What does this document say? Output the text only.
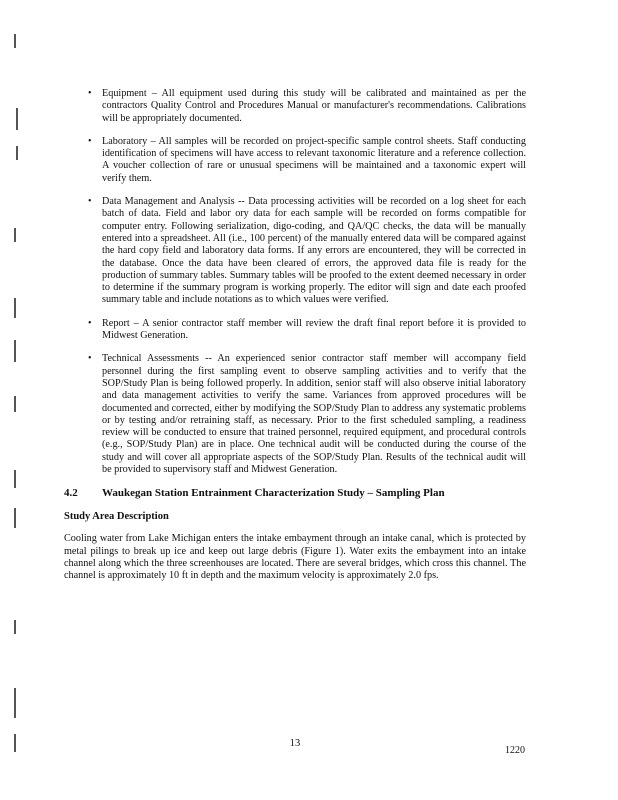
• Equipment – All equipment used during this study will be calibrated and maintained as per the contractors Quality Control and Procedures Manual or manufacturer's recommendations. Calibrations will be appropriately documented.
• Laboratory – All samples will be recorded on project-specific sample control sheets. Staff conducting identification of specimens will have access to relevant taxonomic literature and a reference collection. A voucher collection of rare or unusual specimens will be maintained and a taxonomic expert will verify them.
• Data Management and Analysis -- Data processing activities will be recorded on a log sheet for each batch of data. Field and labor ory data for each sample will be recorded on forms compatible for computer entry. Following serialization, digo-coding, and QA/QC checks, the data will be manually entered into a spreadsheet. All (i.e., 100 percent) of the manually entered data will be compared against the hard copy field and laboratory data forms. If any errors are encountered, they will be corrected in the database. Once the data have been cleared of errors, the approved data file is ready for the production of summary tables. Summary tables will be proofed to the extent deemed necessary in order to determine if the summary program is working properly. The editor will sign and date each proofed summary table and include notations as to which values were verified.
• Report – A senior contractor staff member will review the draft final report before it is provided to Midwest Generation.
• Technical Assessments -- An experienced senior contractor staff member will accompany field personnel during the first sampling event to observe sampling activities and to verify that the SOP/Study Plan is being followed properly. In addition, senior staff will also observe initial laboratory and data management activities to verify the same. Variances from approved procedures will be documented and corrected, either by modifying the SOP/Study Plan to address any systematic problems or by testing and/or retraining staff, as necessary. Prior to the first scheduled sampling, a readiness review will be conducted to ensure that trained personnel, required equipment, and procedural controls (e.g., SOP/Study Plan) are in place. One technical audit will be conducted during the course of the study and will cover all appropriate aspects of the SOP/Study Plan. Results of the technical audit will be provided to supervisory staff and Midwest Generation.
4.2	Waukegan Station Entrainment Characterization Study – Sampling Plan
Study Area Description
Cooling water from Lake Michigan enters the intake embayment through an intake canal, which is protected by metal pilings to break up ice and keep out large debris (Figure 1). Water exits the embayment into an intake channel along which the three screenhouses are located. There are several bridges, which cross this channel. The channel is approximately 10 ft in depth and the maximum velocity is approximately 2.0 fps.
13
1220
